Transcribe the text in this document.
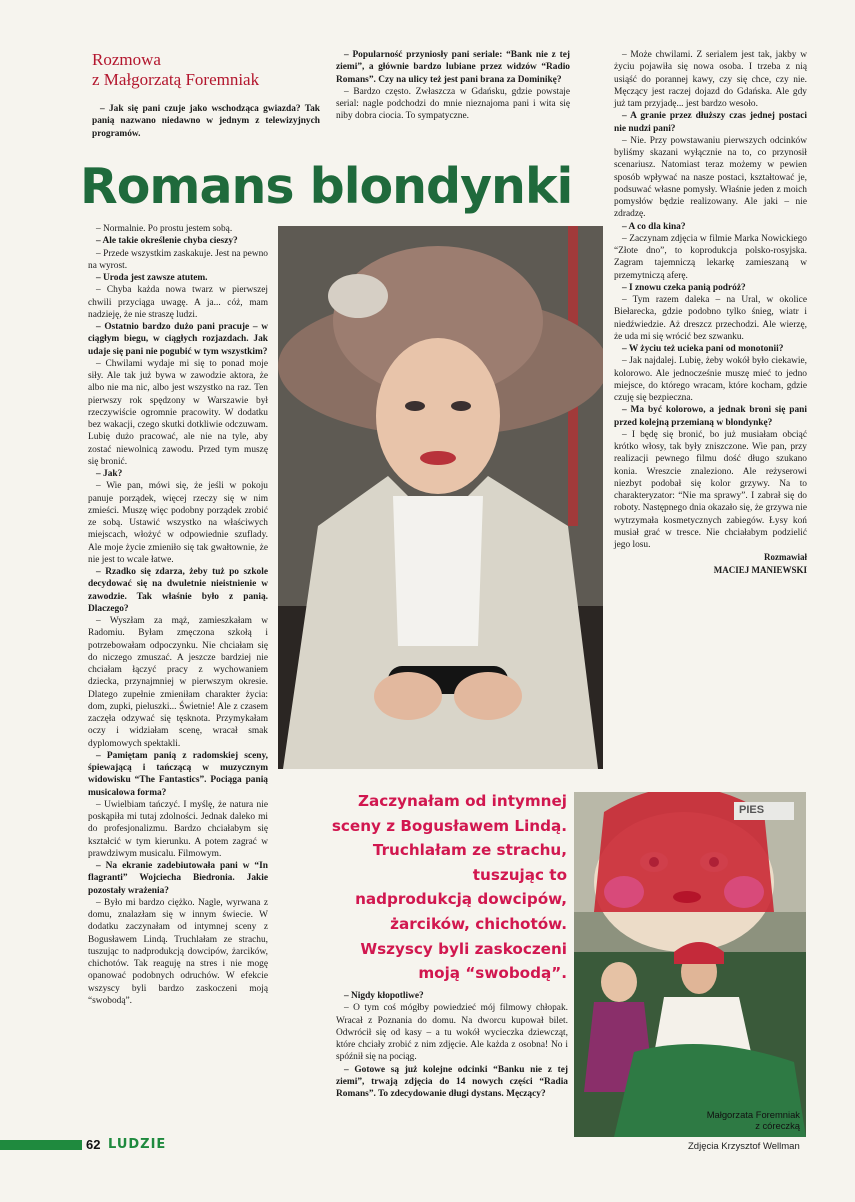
Rozmowa
z Małgorzatą Foremniak

– Jak się pani czuje jako wschodząca gwiazda? Tak panią nazwano niedawno w jednym z telewizyjnych programów.

– Popularność przyniosły pani seriale: “Bank nie z tej ziemi”, a głównie bardzo lubiane przez widzów “Radio Romans”. Czy na ulicy też jest pani brana za Dominikę?

– Bardzo często. Zwłaszcza w Gdańsku, gdzie powstaje serial: nagle podchodzi do mnie nieznajoma pani i wita się niby dobra ciocia. To sympatyczne.

Romans blondynki

– Normalnie. Po prostu jestem sobą.

– Ale takie określenie chyba cieszy?

– Przede wszystkim zaskakuje. Jest na pewno na wyrost.

– Uroda jest zawsze atutem.

– Chyba każda nowa twarz w pierwszej chwili przyciąga uwagę. A ja... cóż, mam nadzieję, że nie straszę ludzi.

– Ostatnio bardzo dużo pani pracuje – w ciągłym biegu, w ciągłych rozjazdach. Jak udaje się pani nie pogubić w tym wszystkim?

– Chwilami wydaje mi się to ponad moje siły. Ale tak już bywa w zawodzie aktora, że albo nie ma nic, albo jest wszystko na raz. Ten pierwszy rok spędzony w Warszawie był rzeczywiście ogromnie pracowity. W dodatku bez wakacji, czego skutki dotkliwie odczuwam. Lubię dużo pracować, ale nie na tyle, aby zostać niewolnicą zawodu. Przed tym muszę się bronić.

– Jak?

– Wie pan, mówi się, że jeśli w pokoju panuje porządek, więcej rzeczy się w nim zmieści. Muszę więc podobny porządek zrobić ze sobą. Ustawić wszystko na właściwych miejscach, włożyć w odpowiednie szuflady. Ale moje życie zmieniło się tak gwałtownie, że nie jest to wcale łatwe.

– Rzadko się zdarza, żeby tuż po szkole decydować się na dwuletnie nieistnienie w zawodzie. Tak właśnie było z panią. Dlaczego?

– Wyszłam za mąż, zamieszkałam w Radomiu. Byłam zmęczona szkołą i potrzebowałam odpoczynku. Nie chciałam się do niczego zmuszać. A jeszcze bardziej nie chciałam łączyć pracy z wychowaniem dziecka, przynajmniej w pierwszym okresie. Dlatego zupełnie zmieniłam charakter życia: dom, zupki, pieluszki... Świetnie! Ale z czasem zaczęła odzywać się tęsknota. Przymykałam oczy i widziałam scenę, wracał smak dyplomowych spektakli.

– Pamiętam panią z radomskiej sceny, śpiewającą i tańczącą w muzycznym widowisku “The Fantastics”. Pociąga panią musicalowa forma?

– Uwielbiam tańczyć. I myślę, że natura nie poskąpiła mi tutaj zdolności. Jednak daleko mi do profesjonalizmu. Bardzo chciałabym się kształcić w tym kierunku. A potem zagrać w prawdziwym musicalu. Filmowym.

– Na ekranie zadebiutowała pani w “In flagranti” Wojciecha Biedronia. Jakie pozostały wrażenia?

– Było mi bardzo ciężko. Nagle, wyrwana z domu, znalazłam się w innym świecie. W dodatku zaczynałam od intymnej sceny z Bogusławem Lindą. Truchlałam ze strachu, tuszując to nadprodukcją dowcipów, żarcików, chichotów. Tak reaguję na stres i nie mogę opanować podobnych odruchów. W efekcie wszyscy byli bardzo zaskoczeni moją “swobodą”.

– Może chwilami. Z serialem jest tak, jakby w życiu pojawiła się nowa osoba. I trzeba z nią usiąść do porannej kawy, czy się chce, czy nie. Męczący jest raczej dojazd do Gdańska. Ale gdy już tam przyjadę... jest bardzo wesoło.

– A granie przez dłuższy czas jednej postaci nie nudzi pani?

– Nie. Przy powstawaniu pierwszych odcinków byliśmy skazani wyłącznie na to, co przynosił scenariusz. Natomiast teraz możemy w pewien sposób wpływać na nasze postaci, kształtować je, podsuwać własne pomysły. Właśnie jeden z moich pomysłów będzie realizowany. Ale jaki – nie zdradzę.

– A co dla kina?

– Zaczynam zdjęcia w filmie Marka Nowickiego “Złote dno”, to koprodukcja polsko-rosyjska. Zagram tajemniczą lekarkę zamieszaną w przemytniczą aferę.

– I znowu czeka panią podróż?

– Tym razem daleka – na Ural, w okolice Biełarecka, gdzie podobno tylko śnieg, wiatr i niedźwiedzie. Aż dreszcz przechodzi. Ale wierzę, że uda mi się wrócić bez szwanku.

– W życiu też ucieka pani od monotonii?

– Jak najdalej. Lubię, żeby wokół było ciekawie, kolorowo. Ale jednocześnie muszę mieć to jedno miejsce, do którego wracam, które kocham, gdzie czuję się bezpieczna.

– Ma być kolorowo, a jednak broni się pani przed kolejną przemianą w blondynkę?

– I będę się bronić, bo już musiałam obciąć krótko włosy, tak były zniszczone. Wie pan, przy realizacji pewnego filmu dość długo szukano konia. Wreszcie znaleziono. Ale reżyserowi niezbyt podobał się kolor grzywy. Na to charakteryzator: “Nie ma sprawy”. I zabrał się do roboty. Następnego dnia okazało się, że grzywa nie wytrzymała kosmetycznych zabiegów. Łysy koń musiał grać w tresce. Nie chciałabym podzielić jego losu.

Rozmawiał

MACIEJ MANIEWSKI

Zaczynałam od intymnej
sceny z Bogusławem Lindą.
Truchlałam ze strachu,
tuszując to
nadprodukcją dowcipów,
żarcików, chichotów.
Wszyscy byli zaskoczeni
moją “swobodą”.

– Nigdy kłopotliwe?

– O tym coś mógłby powiedzieć mój filmowy chłopak. Wracał z Poznania do domu. Na dworcu kupował bilet. Odwrócił się od kasy – a tu wokół wycieczka dziewcząt, które chciały zrobić z nim zdjęcie. Ale każda z osobna! No i spóźnił się na pociąg.

– Gotowe są już kolejne odcinki “Banku nie z tej ziemi”, trwają zdjęcia do 14 nowych części “Radia Romans”. To zdecydowanie długi dystans. Męczący?

PIES
Małgorzata Foremniak
z córeczką
62 LUDZIE	Zdjęcia Krzysztof Wellman
